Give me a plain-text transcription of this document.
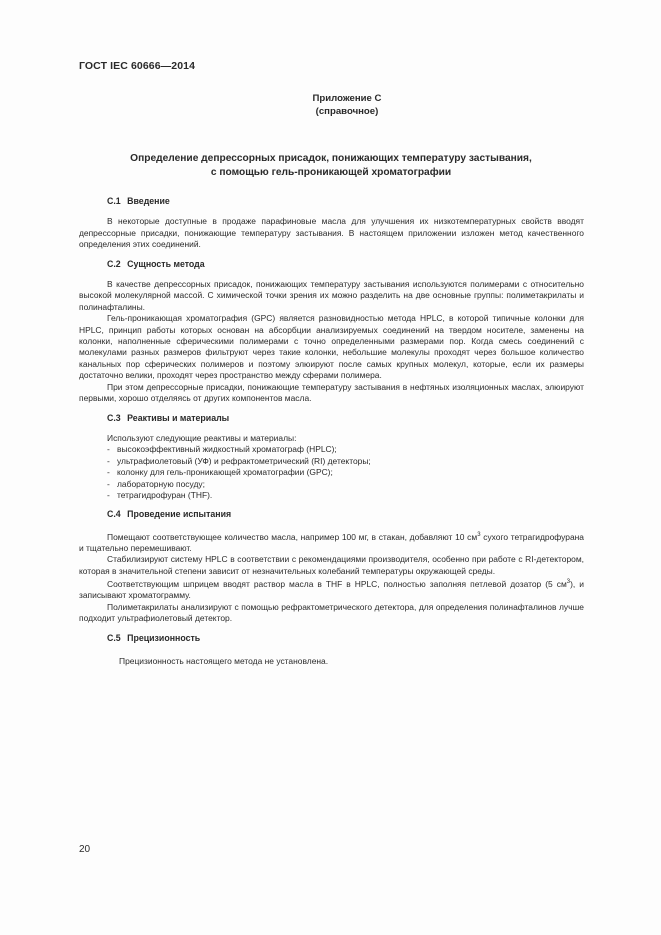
ГОСТ IEC 60666—2014
Приложение С
(справочное)
Определение депрессорных присадок, понижающих температуру застывания,
с помощью гель-проникающей хроматографии
С.1 Введение

В некоторые доступные в продаже парафиновые масла для улучшения их низкотемпературных свойств вводят депрессорные присадки, понижающие температуру застывания. В настоящем приложении изложен метод качественного определения этих соединений.

С.2 Сущность метода

В качестве депрессорных присадок, понижающих температуру застывания используются полимерами с относительно высокой молекулярной массой. С химической точки зрения их можно разделить на две основные группы: полиметакрилаты и полинафталины.

Гель-проникающая хроматография (GPC) является разновидностью метода HPLC, в которой типичные колонки для HPLC, принцип работы которых основан на абсорбции анализируемых соединений на твердом носителе, заменены на колонки, наполненные сферическими полимерами с точно определенными размерами пор. Когда смесь соединений с молекулами разных размеров фильтруют через такие колонки, небольшие молекулы проходят через большое количество канальных пор сферических полимеров и поэтому элюируют после самых крупных молекул, которые, если их размеры достаточно велики, проходят через пространство между сферами полимера.

При этом депрессорные присадки, понижающие температуру застывания в нефтяных изоляционных маслах, элюируют первыми, хорошо отделяясь от других компонентов масла.

С.3 Реактивы и материалы

Используют следующие реактивы и материалы:

- высокоэффективный жидкостный хроматограф (HPLC);
- ультрафиолетовый (УФ) и рефрактометрический (RI) детекторы;
- колонку для гель-проникающей хроматографии (GPC);
- лабораторную посуду;
- тетрагидрофуран (THF).
С.4 Проведение испытания

Помещают соответствующее количество масла, например 100 мг, в стакан, добавляют 10 $см^3$ сухого тетрагидрофурана и тщательно перемешивают.

Стабилизируют систему HPLC в соответствии с рекомендациями производителя, особенно при работе с RI-детектором, которая в значительной степени зависит от незначительных колебаний температуры окружающей среды.

Соответствующим шприцем вводят раствор масла в THF в HPLC, полностью заполняя петлевой дозатор (5 $см^3$), и записывают хроматограмму.

Полиметакрилаты анализируют с помощью рефрактометрического детектора, для определения полинафталинов лучше подходит ультрафиолетовый детектор.

С.5 Прецизионность

Прецизионность настоящего метода не установлена.

20
